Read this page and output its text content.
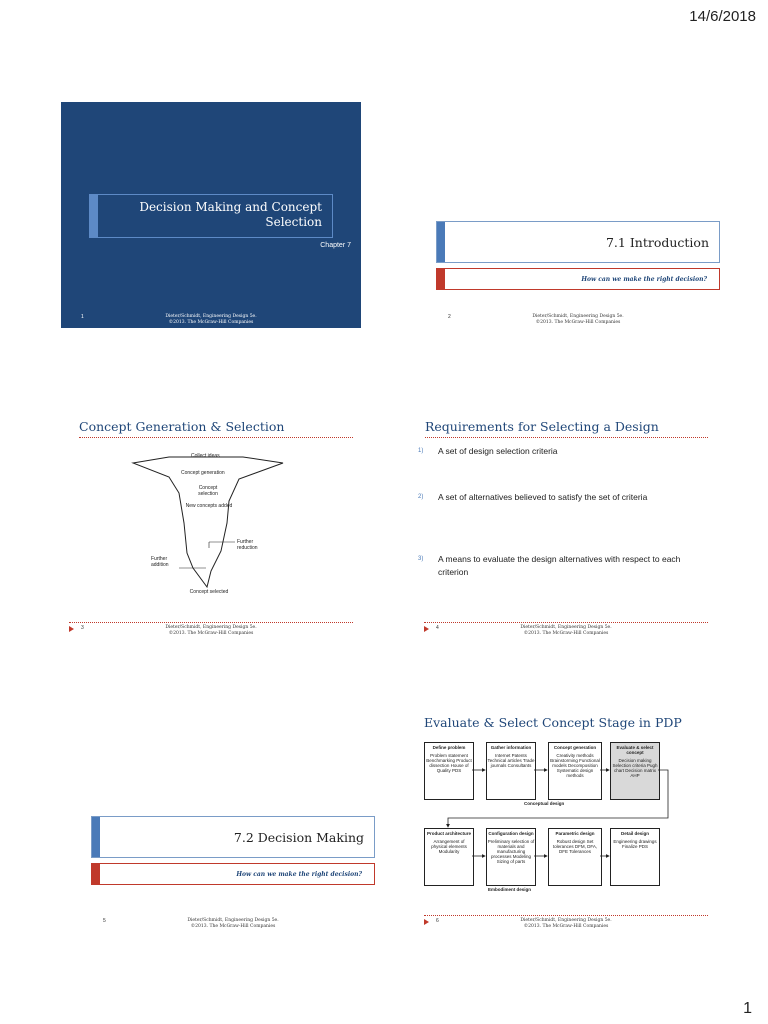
14/6/2018
Decision Making and Concept Selection
Chapter 7
1	Dieter/Schmidt, Engineering Design 5e.
©2013. The McGraw-Hill Companies
7.1 Introduction
How can we make the right decision?
2	Dieter/Schmidt, Engineering Design 5e.
©2013. The McGraw-Hill Companies
Concept Generation & Selection
Collect ideas
Concept generation
Concept selection
New concepts added
Further reduction
Further addition
Concept selected
3	Dieter/Schmidt, Engineering Design 5e.
©2013. The McGraw-Hill Companies
Requirements for Selecting a Design
1) A set of design selection criteria
2) A set of alternatives believed to satisfy the set of criteria
3) A means to evaluate the design alternatives with respect to each criterion
4	Dieter/Schmidt, Engineering Design 5e.
©2013. The McGraw-Hill Companies
7.2 Decision Making
How can we make the right decision?
5	Dieter/Schmidt, Engineering Design 5e.
©2013. The McGraw-Hill Companies
Evaluate & Select Concept Stage in PDP
Define problem
Problem statement Benchmarking Product dissection House of Quality PDS
Gather information
Internet Patents Technical articles Trade journals Consultants
Concept generation
Creativity methods Brainstorming Functional models Decomposition Systematic design methods
Evaluate & select concept
Decision making Selection criteria Pugh chart Decision matrix AHP
Conceptual design
Product architecture
Arrangement of physical elements Modularity
Configuration design
Preliminary selection of materials and manufacturing processes Modeling Sizing of parts
Parametric design
Robust design Set tolerances DFM, DFA, DFE Tolerances
Detail design
Engineering drawings Finalize PDS
Embodiment design
6	Dieter/Schmidt, Engineering Design 5e.
©2013. The McGraw-Hill Companies
1
